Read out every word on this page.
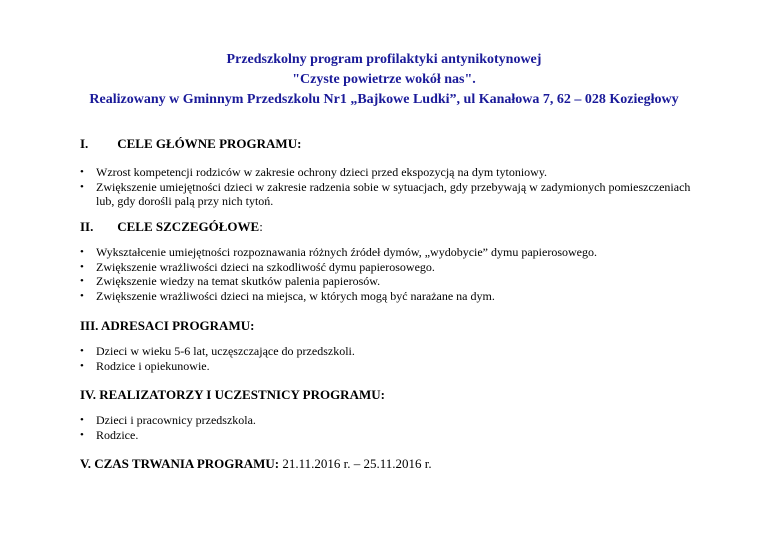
Przedszkolny program profilaktyki antynikotynowej
"Czyste powietrze wokół nas".
Realizowany w Gminnym Przedszkolu Nr1 „Bajkowe Ludki”, ul Kanałowa 7, 62 – 028 Koziegłowy
I. CELE GŁÓWNE PROGRAMU:
• Wzrost kompetencji rodziców w zakresie ochrony dzieci przed ekspozycją na dym tytoniowy.
• Zwiększenie umiejętności dzieci w zakresie radzenia sobie w sytuacjach, gdy przebywają w zadymionych pomieszczeniach lub, gdy dorośli palą przy nich tytoń.
II. CELE SZCZEGÓŁOWE:
• Wykształcenie umiejętności rozpoznawania różnych źródeł dymów, „wydobycie” dymu papierosowego.
• Zwiększenie wrażliwości dzieci na szkodliwość dymu papierosowego.
• Zwiększenie wiedzy na temat skutków palenia papierosów.
• Zwiększenie wrażliwości dzieci na miejsca, w których mogą być narażane na dym.
III. ADRESACI PROGRAMU:
• Dzieci w wieku 5-6 lat, uczęszczające do przedszkoli.
• Rodzice i opiekunowie.
IV. REALIZATORZY I UCZESTNICY PROGRAMU:
• Dzieci i pracownicy przedszkola.
• Rodzice.
V. CZAS TRWANIA PROGRAMU: 21.11.2016 r. – 25.11.2016 r.
